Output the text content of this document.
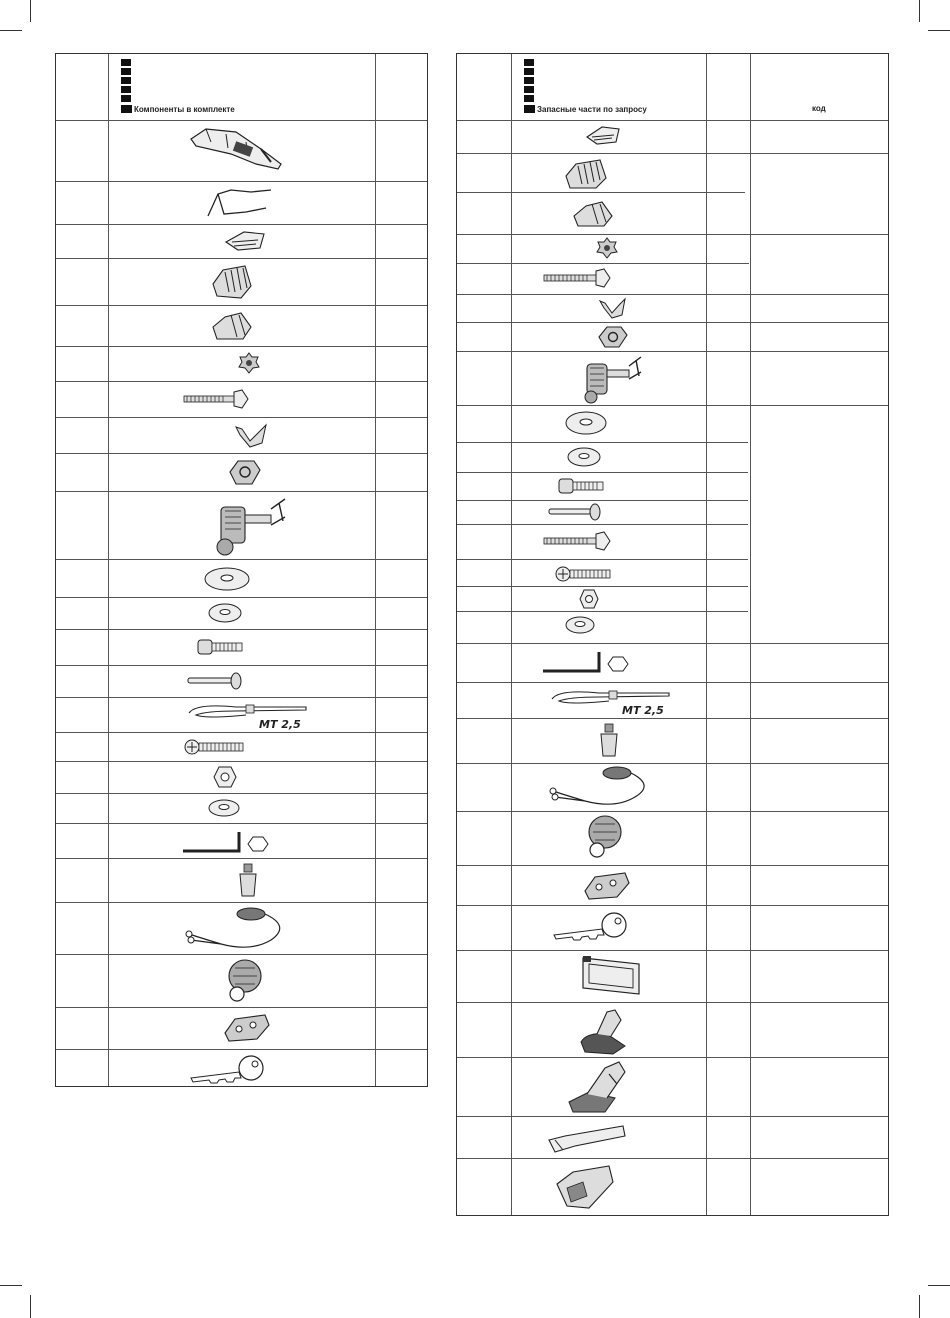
Компоненты в комплекте
MT 2,5
Запасные части по запросу	код
MT 2,5
